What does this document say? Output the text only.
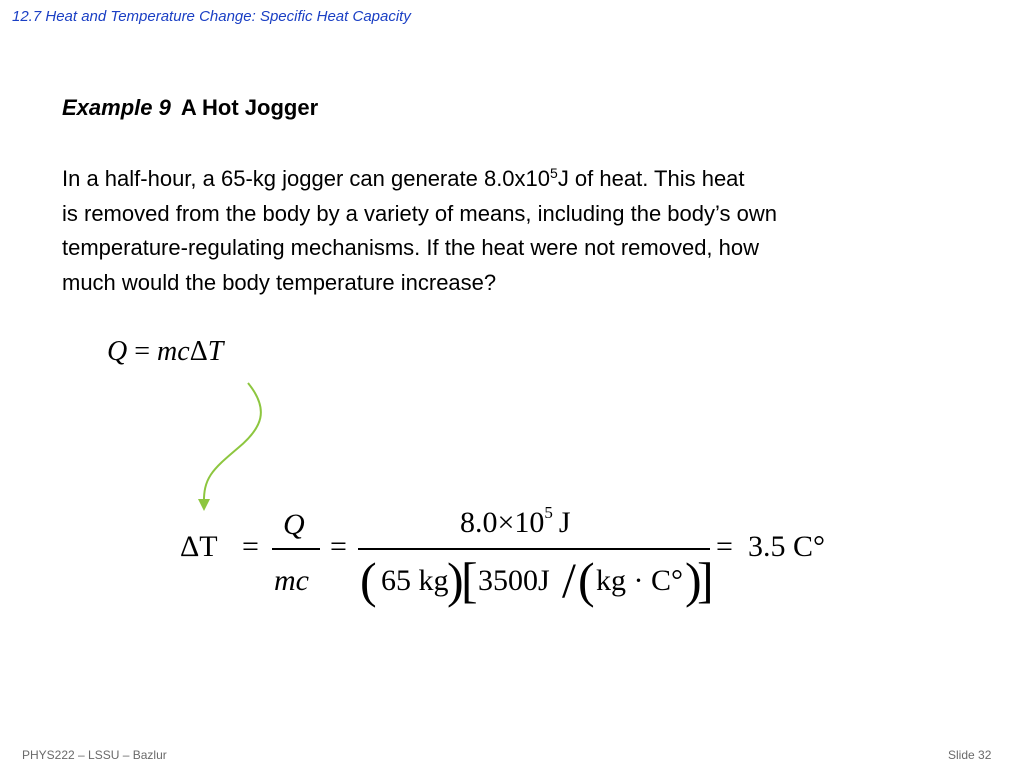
12.7 Heat and Temperature Change: Specific Heat Capacity
Example 9 A Hot Jogger
In a half-hour, a 65-kg jogger can generate $8.0x10^5J$ of heat. This heat
is removed from the body by a variety of means, including the body’s own
temperature-regulating mechanisms. If the heat were not removed, how
much would the body temperature increase?
Q = mcΔT
ΔT =
Q
mc
=
$8.0\times 10^5$ J
( 65 kg
)
[ 3500J / ( kg · C° )
]
= 3.5 C°
PHYS222 – LSSU – Bazlur	Slide 32
